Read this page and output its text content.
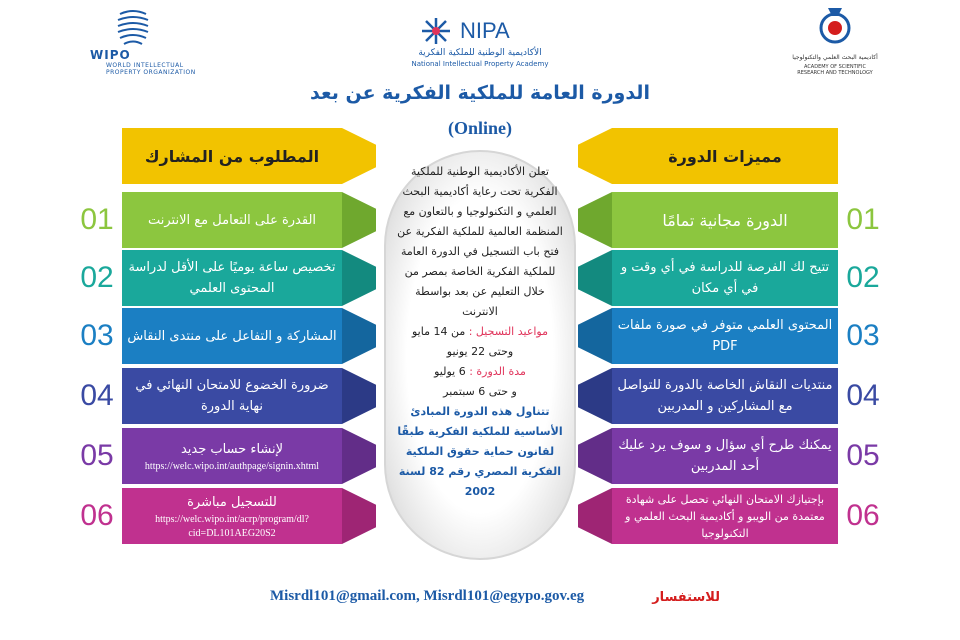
WIPO
WORLD INTELLECTUAL PROPERTY ORGANIZATION
NIPA
الأكاديمية الوطنية للملكية الفكرية
National Intellectual Property Academy
أكاديمية البحث العلمي والتكنولوجيا
ACADEMY OF SCIENTIFIC RESEARCH AND TECHNOLOGY
الدورة العامة للملكية الفكرية عن بعد
(Online)
المطلوب من المشارك	مميزات الدورة
01	القدرة على التعامل مع الانترنت
02	تخصيص ساعة يوميًا على الأقل لدراسة المحتوى العلمي
03	المشاركة و التفاعل على منتدى النقاش
04	ضرورة الخضوع للامتحان النهائي في نهاية الدورة
05	لإنشاء حساب جديد
https://welc.wipo.int/authpage/signin.xhtml
06	للتسجيل مباشرة
https://welc.wipo.int/acrp/program/dl?cid=DL101AEG20S2
01
الدورة مجانية تمامًا
02
تتيح لك الفرصة للدراسة في أي وقت و في أي مكان
03
المحتوى العلمي متوفر في صورة ملفات PDF
04
منتديات النقاش الخاصة بالدورة للتواصل مع المشاركين و المدربين
05
يمكنك طرح أي سؤال و سوف يرد عليك أحد المدربين
06
بإجتيازك الامتحان النهائي تحصل على شهادة معتمدة من الويبو و أكاديمية البحث العلمي و التكنولوجيا
تعلن الأكاديمية الوطنية للملكية الفكرية تحت رعاية أكاديمية البحث العلمي و التكنولوجيا و بالتعاون مع المنظمة العالمية للملكية الفكرية عن فتح باب التسجيل في الدورة العامة للملكية الفكرية الخاصة بمصر من خلال التعليم عن بعد بواسطة الانترنت
مواعيد التسجيل : من 14 مايو
وحتى 22 يونيو
مدة الدورة : 6 يوليو
و حتى 6 سبتمبر
تتناول هذه الدورة المبادئ الأساسية للملكية الفكرية طبقًا لقانون حماية حقوق الملكية الفكرية المصري رقم 82 لسنة 2002
Misrdl101@gmail.com, Misrdl101@egypo.gov.eg	للاستفسار
